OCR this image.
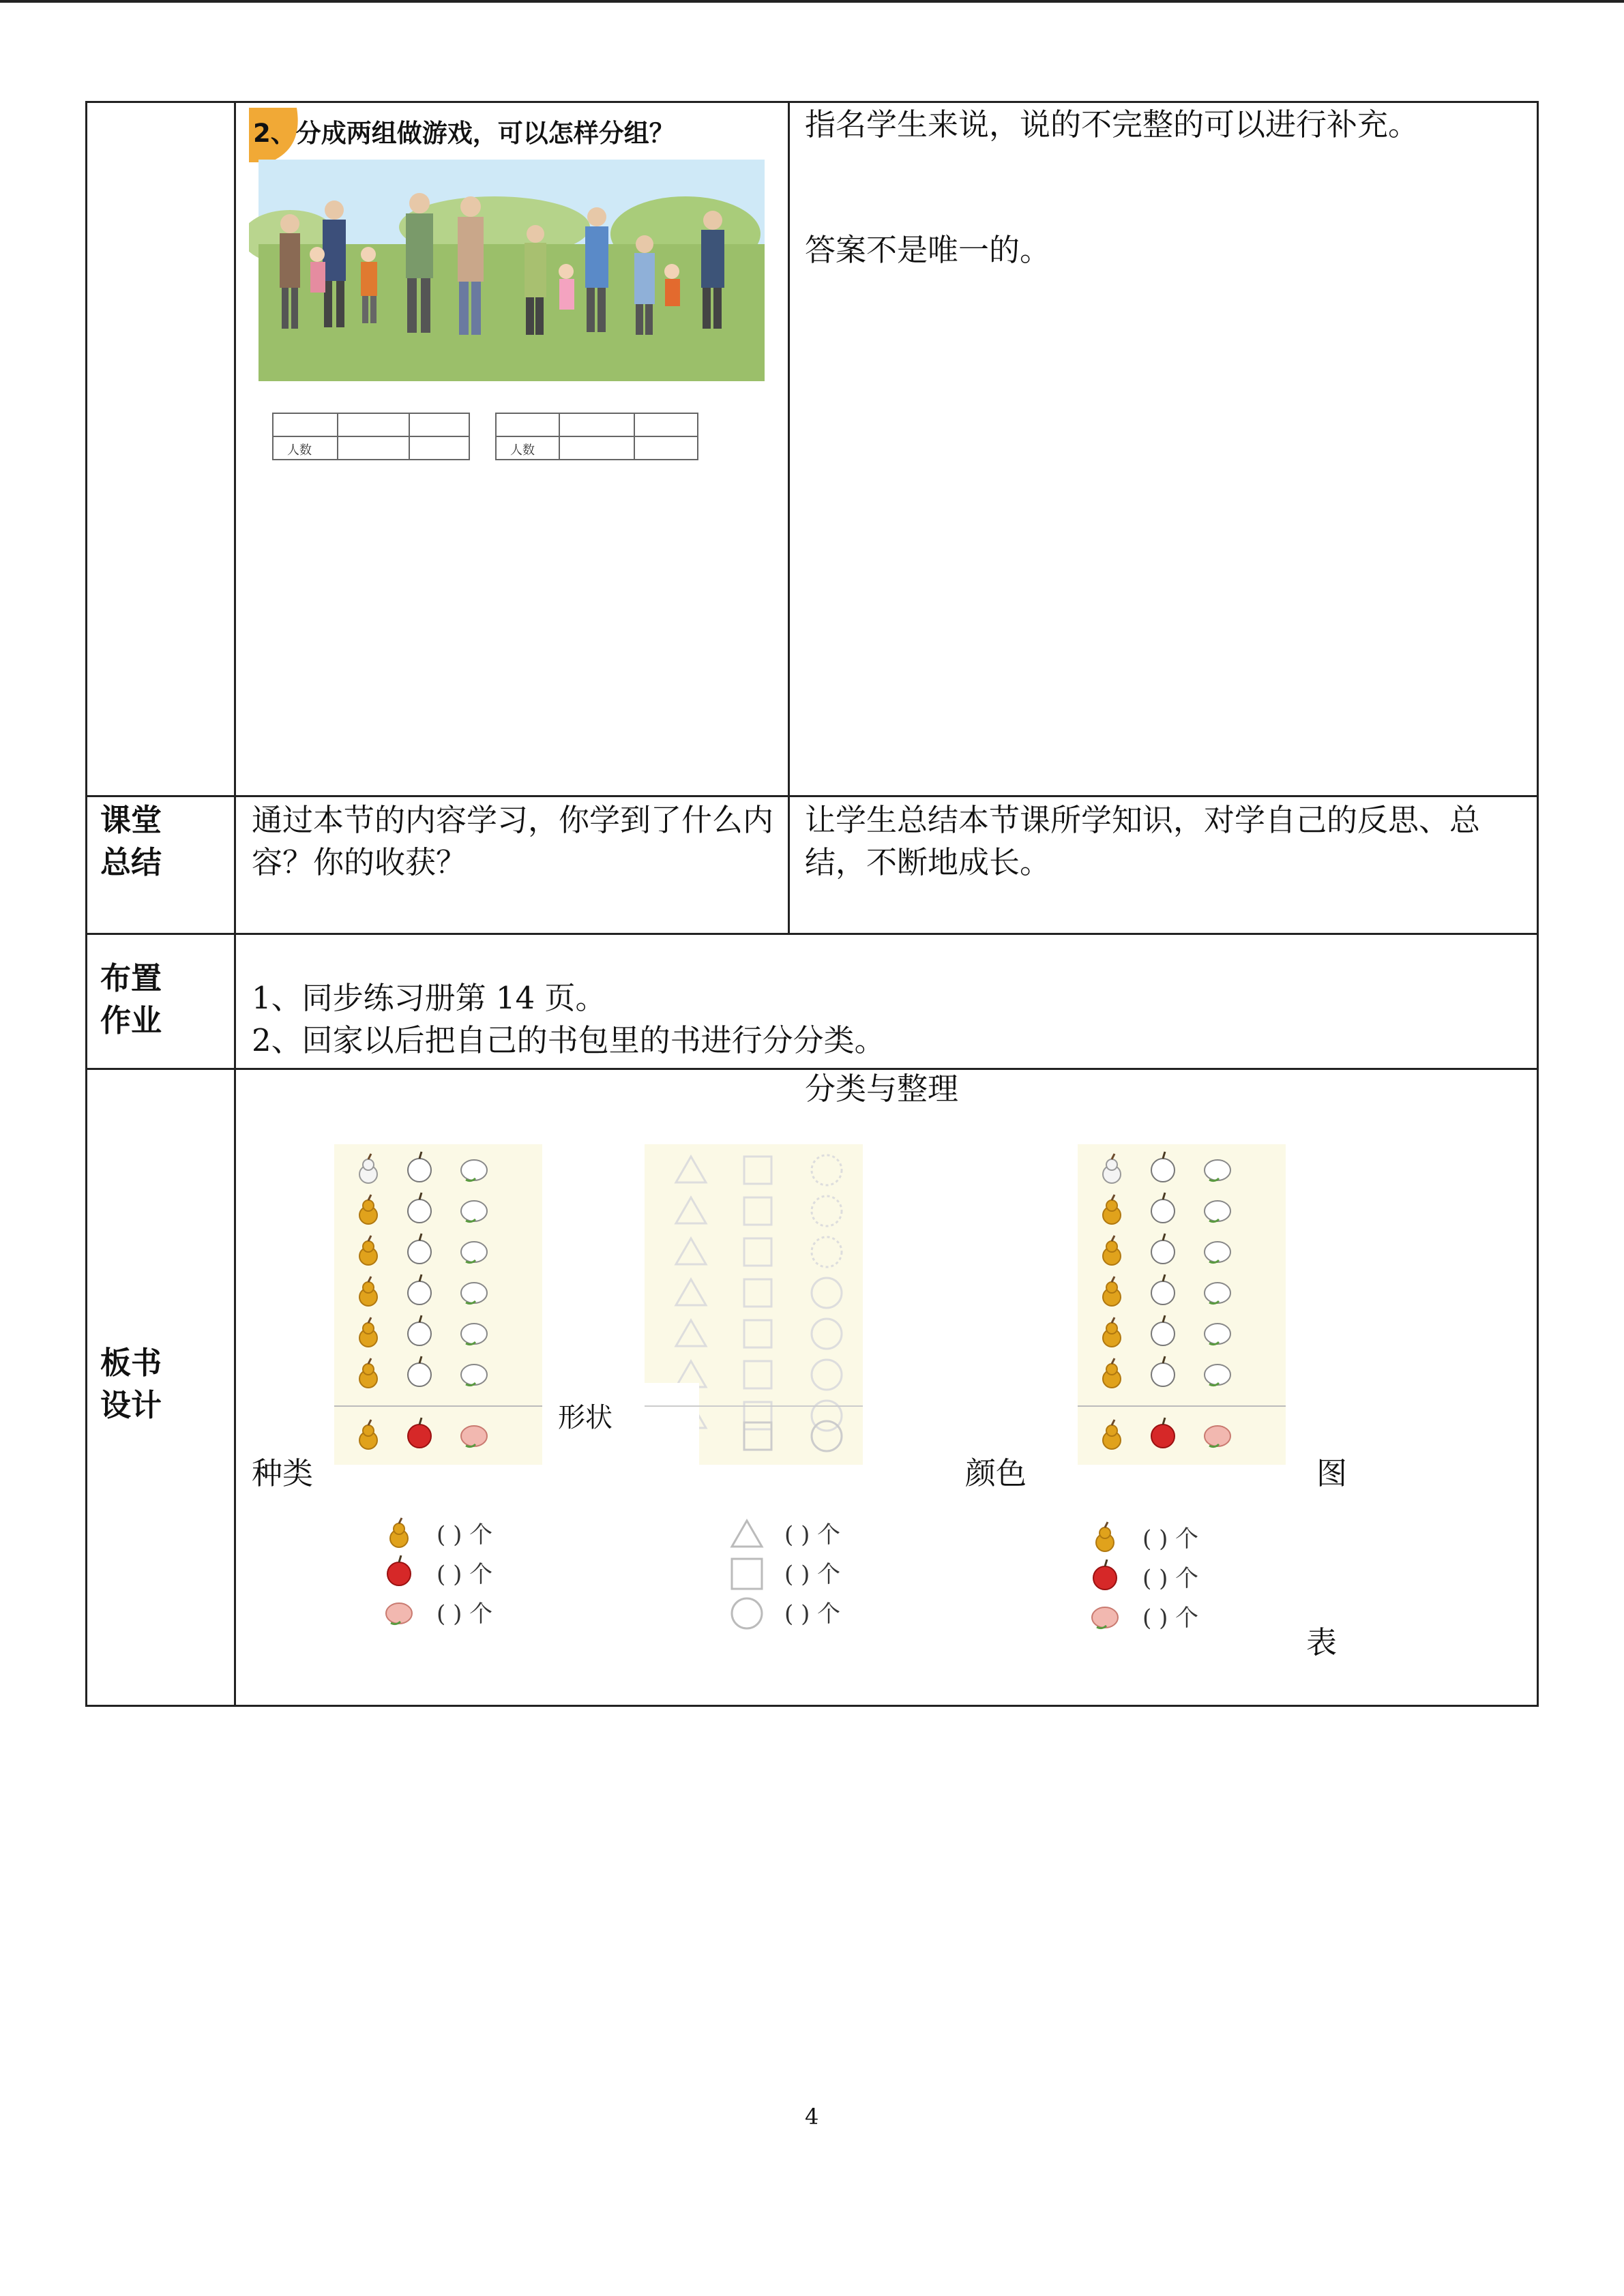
2、分成两组做游戏，可以怎样分组？
人数	人数
指名学生来说，说的不完整的可以进行补充。
答案不是唯一的。
课堂
总结
通过本节的内容学习，你学到了什么内容？你的收获？
让学生总结本节课所学知识，对学自己的反思、总结，不断地成长。
布置
作业
1、同步练习册第 14 页。
2、回家以后把自己的书包里的书进行分分类。
板书
设计
分类与整理
种类
形状
颜色	图
表
( ) 个
( ) 个
( ) 个
( ) 个
( ) 个
( ) 个
( ) 个
( ) 个
( ) 个
4
